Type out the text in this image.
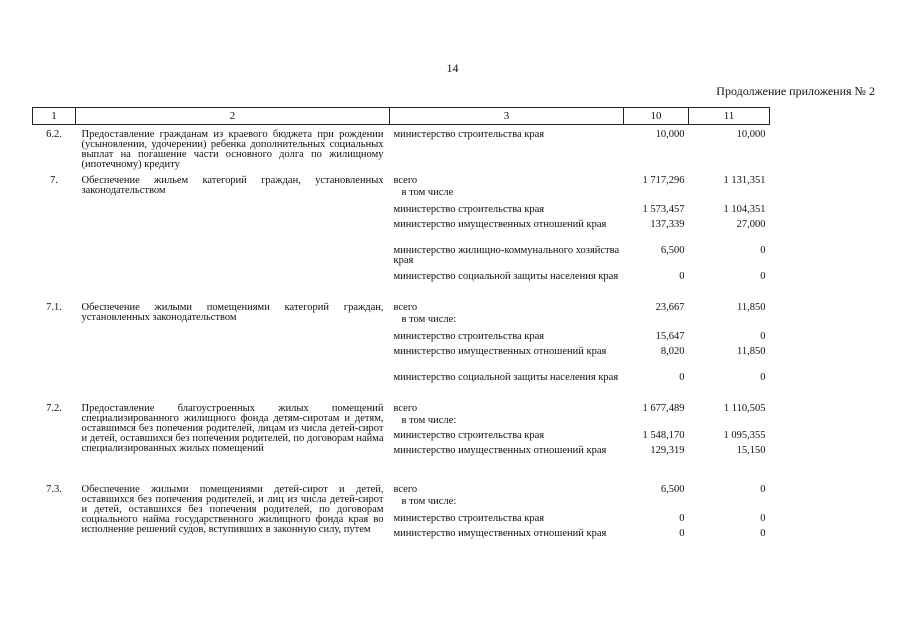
14
Продолжение приложения № 2
1	2	3	10	11
6.2.	Предоставление гражданам из краевого бюджета при рождении (усыновлении, удочерении) ребенка дополнительных социальных выплат на погашение части основного долга по жилищному (ипотечному) кредиту	министерство строительства края	10,000	10,000
7.	Обеспечение жильем категорий граждан, установленных законодательством	всего	1 717,296	1 131,351
		в том числе		
		министерство строительства края	1 573,457	1 104,351
		министерство имущественных отношений края	137,339	27,000
		министерство жилищно-коммунального хозяйства края	6,500	0
		министерство социальной защиты населения края	0	0
7.1.	Обеспечение жилыми помещениями категорий граждан, установленных законодательством	всего	23,667	11,850
		в том числе:		
		министерство строительства края	15,647	0
		министерство имущественных отношений края	8,020	11,850
		министерство социальной защиты населения края	0	0
7.2.	Предоставление благоустроенных жилых помещений специализированного жилищного фонда детям-сиротам и детям, оставшимся без попечения родителей, лицам из числа детей-сирот и детей, оставшихся без попечения родителей, по договорам найма специализированных жилых помещений	всего	1 677,489	1 110,505
		в том числе:		
		министерство строительства края	1 548,170	1 095,355
		министерство имущественных отношений края	129,319	15,150
7.3.	Обеспечение жилыми помещениями детей-сирот и детей, оставшихся без попечения родителей, и лиц из числа детей-сирот и детей, оставшихся без попечения родителей, по договорам социального найма государственного жилищного фонда края во исполнение решений судов, вступивших в законную силу, путем	всего	6,500	0
		в том числе:		
		министерство строительства края	0	0
		министерство имущественных отношений края	0	0
